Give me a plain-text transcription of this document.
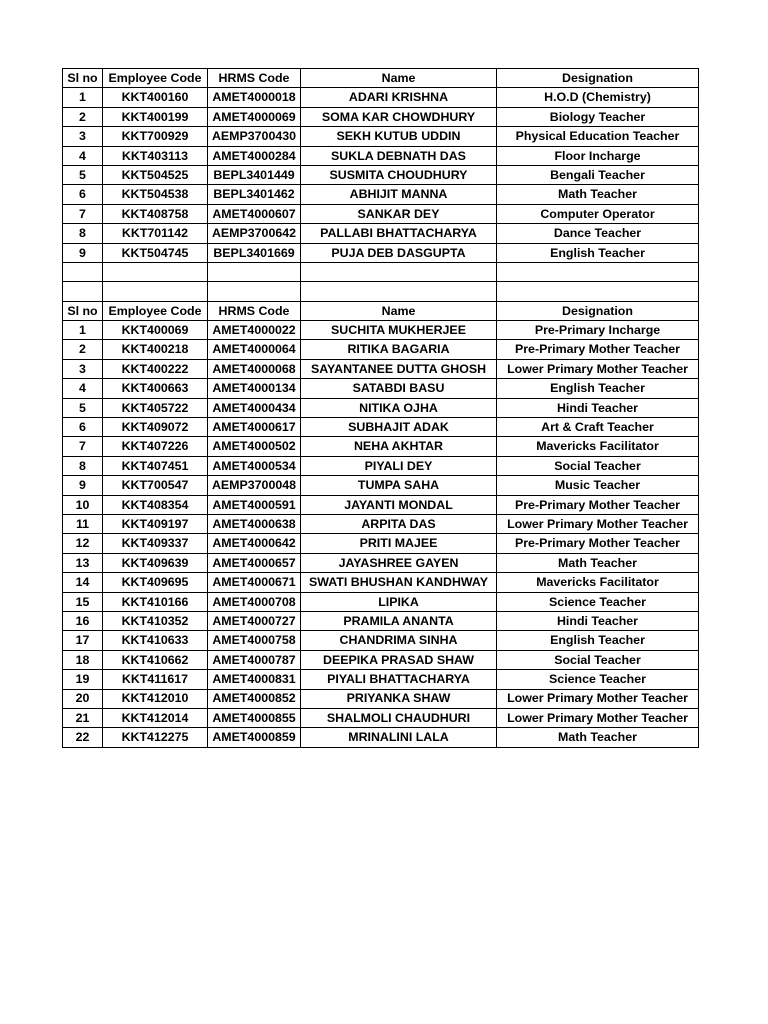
Sl no	Employee Code	HRMS Code	Name	Designation
1	KKT400160	AMET4000018	ADARI KRISHNA	H.O.D (Chemistry)
2	KKT400199	AMET4000069	SOMA KAR CHOWDHURY	Biology Teacher
3	KKT700929	AEMP3700430	SEKH KUTUB UDDIN	Physical Education Teacher
4	KKT403113	AMET4000284	SUKLA DEBNATH DAS	Floor Incharge
5	KKT504525	BEPL3401449	SUSMITA CHOUDHURY	Bengali Teacher
6	KKT504538	BEPL3401462	ABHIJIT MANNA	Math Teacher
7	KKT408758	AMET4000607	SANKAR DEY	Computer Operator
8	KKT701142	AEMP3700642	PALLABI BHATTACHARYA	Dance Teacher
9	KKT504745	BEPL3401669	PUJA DEB DASGUPTA	English Teacher

Sl no	Employee Code	HRMS Code	Name	Designation
1	KKT400069	AMET4000022	SUCHITA MUKHERJEE	Pre-Primary Incharge
2	KKT400218	AMET4000064	RITIKA BAGARIA	Pre-Primary Mother Teacher
3	KKT400222	AMET4000068	SAYANTANEE DUTTA GHOSH	Lower Primary Mother Teacher
4	KKT400663	AMET4000134	SATABDI BASU	English Teacher
5	KKT405722	AMET4000434	NITIKA OJHA	Hindi Teacher
6	KKT409072	AMET4000617	SUBHAJIT ADAK	Art & Craft Teacher
7	KKT407226	AMET4000502	NEHA AKHTAR	Mavericks Facilitator
8	KKT407451	AMET4000534	PIYALI DEY	Social Teacher
9	KKT700547	AEMP3700048	TUMPA SAHA	Music Teacher
10	KKT408354	AMET4000591	JAYANTI MONDAL	Pre-Primary Mother Teacher
11	KKT409197	AMET4000638	ARPITA DAS	Lower Primary Mother Teacher
12	KKT409337	AMET4000642	PRITI MAJEE	Pre-Primary Mother Teacher
13	KKT409639	AMET4000657	JAYASHREE GAYEN	Math Teacher
14	KKT409695	AMET4000671	SWATI BHUSHAN KANDHWAY	Mavericks Facilitator
15	KKT410166	AMET4000708	LIPIKA	Science Teacher
16	KKT410352	AMET4000727	PRAMILA ANANTA	Hindi Teacher
17	KKT410633	AMET4000758	CHANDRIMA SINHA	English Teacher
18	KKT410662	AMET4000787	DEEPIKA PRASAD SHAW	Social Teacher
19	KKT411617	AMET4000831	PIYALI BHATTACHARYA	Science Teacher
20	KKT412010	AMET4000852	PRIYANKA SHAW	Lower Primary Mother Teacher
21	KKT412014	AMET4000855	SHALMOLI CHAUDHURI	Lower Primary Mother Teacher
22	KKT412275	AMET4000859	MRINALINI LALA	Math Teacher
